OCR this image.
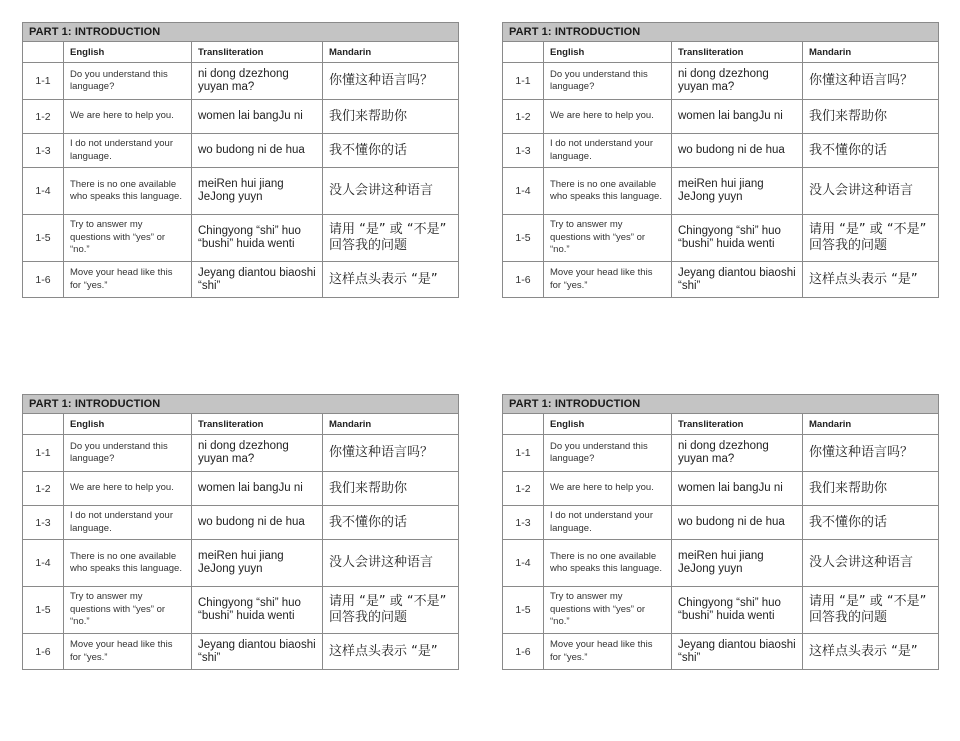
PART 1: INTRODUCTION			
	English	Transliteration	Mandarin
1-1	Do you understand this language?	ni dong dzezhong yuyan ma?	你懂这种语言吗？
1-2	We are here to help you.	women lai bangJu ni	我们来帮助你
1-3	I do not understand your language.	wo budong ni de hua	我不懂你的话
1-4	There is no one available who speaks this language.	meiRen hui jiang JeJong yuyn	没人会讲这种语言
1-5	Try to answer my questions with “yes” or “no.”	Chingyong “shi” huo “bushi” huida wenti	请用 “是” 或 “不是” 回答我的问题
1-6	Move your head like this for “yes.”	Jeyang diantou biaoshi “shi”	这样点头表示 “是”
PART 1: INTRODUCTION			
	English	Transliteration	Mandarin
1-1	Do you understand this language?	ni dong dzezhong yuyan ma?	你懂这种语言吗？
1-2	We are here to help you.	women lai bangJu ni	我们来帮助你
1-3	I do not understand your language.	wo budong ni de hua	我不懂你的话
1-4	There is no one available who speaks this language.	meiRen hui jiang JeJong yuyn	没人会讲这种语言
1-5	Try to answer my questions with “yes” or “no.”	Chingyong “shi” huo “bushi” huida wenti	请用 “是” 或 “不是” 回答我的问题
1-6	Move your head like this for “yes.”	Jeyang diantou biaoshi “shi”	这样点头表示 “是”
PART 1: INTRODUCTION			
	English	Transliteration	Mandarin
1-1	Do you understand this language?	ni dong dzezhong yuyan ma?	你懂这种语言吗？
1-2	We are here to help you.	women lai bangJu ni	我们来帮助你
1-3	I do not understand your language.	wo budong ni de hua	我不懂你的话
1-4	There is no one available who speaks this language.	meiRen hui jiang JeJong yuyn	没人会讲这种语言
1-5	Try to answer my questions with “yes” or “no.”	Chingyong “shi” huo “bushi” huida wenti	请用 “是” 或 “不是” 回答我的问题
1-6	Move your head like this for “yes.”	Jeyang diantou biaoshi “shi”	这样点头表示 “是”
PART 1: INTRODUCTION			
	English	Transliteration	Mandarin
1-1	Do you understand this language?	ni dong dzezhong yuyan ma?	你懂这种语言吗？
1-2	We are here to help you.	women lai bangJu ni	我们来帮助你
1-3	I do not understand your language.	wo budong ni de hua	我不懂你的话
1-4	There is no one available who speaks this language.	meiRen hui jiang JeJong yuyn	没人会讲这种语言
1-5	Try to answer my questions with “yes” or “no.”	Chingyong “shi” huo “bushi” huida wenti	请用 “是” 或 “不是” 回答我的问题
1-6	Move your head like this for “yes.”	Jeyang diantou biaoshi “shi”	这样点头表示 “是”
